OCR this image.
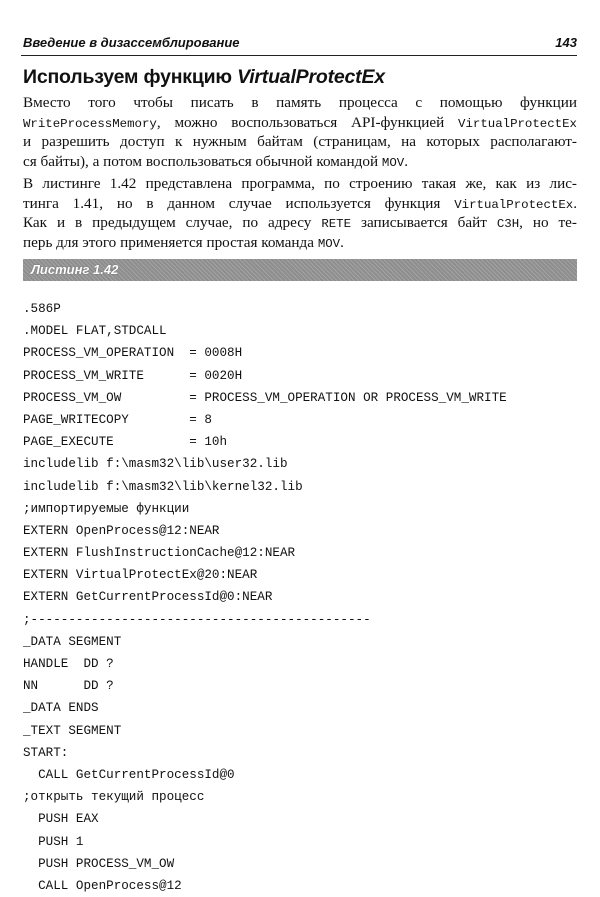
Введение в дизассемблирование	143
Используем функцию VirtualProtectEx
Вместо того чтобы писать в память процесса с помощью функции
WriteProcessMemory, можно воспользоваться API-функцией VirtualProtectEx
и разрешить доступ к нужным байтам (страницам, на которых располагают-
ся байты), а потом воспользоваться обычной командой MOV.
В листинге 1.42 представлена программа, по строению такая же, как из лис-
тинга 1.41, но в данном случае используется функция VirtualProtectEx.
Как и в предыдущем случае, по адресу RETE записывается байт C3H, но те-
перь для этого применяется простая команда MOV.
Листинг 1.42
.586P
.MODEL FLAT,STDCALL
PROCESS_VM_OPERATION  = 0008H
PROCESS_VM_WRITE      = 0020H
PROCESS_VM_OW         = PROCESS_VM_OPERATION OR PROCESS_VM_WRITE
PAGE_WRITECOPY        = 8
PAGE_EXECUTE          = 10h
includelib f:\masm32\lib\user32.lib
includelib f:\masm32\lib\kernel32.lib
;импортируемые функции
EXTERN OpenProcess@12:NEAR
EXTERN FlushInstructionCache@12:NEAR
EXTERN VirtualProtectEx@20:NEAR
EXTERN GetCurrentProcessId@0:NEAR
;---------------------------------------------
_DATA SEGMENT
HANDLE  DD ?
NN      DD ?
_DATA ENDS
_TEXT SEGMENT
START:
CALL GetCurrentProcessId@0
;открыть текущий процесс
PUSH EAX
PUSH 1
PUSH PROCESS_VM_OW
CALL OpenProcess@12
